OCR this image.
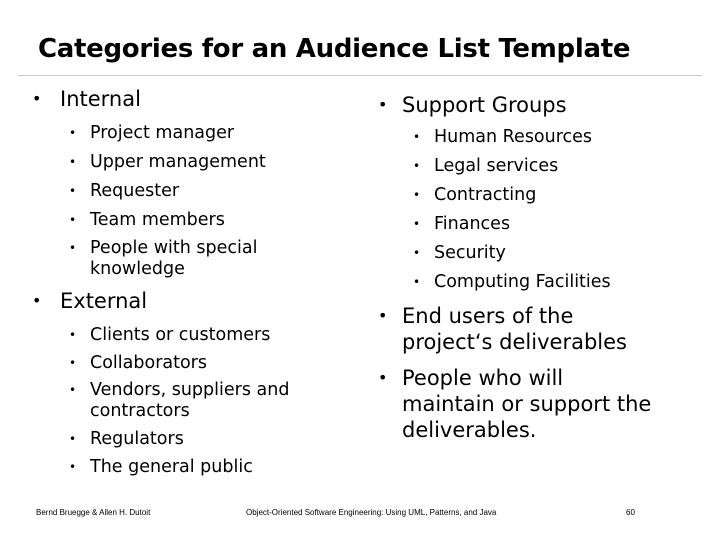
Categories for an Audience List Template
• Internal
• Project manager
• Upper management
• Requester
• Team members
• People with special knowledge
• External
• Clients or customers
• Collaborators
• Vendors, suppliers and contractors
• Regulators
• The general public
• Support Groups
• Human Resources
• Legal services
• Contracting
• Finances
• Security
• Computing Facilities
• End users of the project‘s deliverables
• People who will maintain or support the deliverables.
Bernd Bruegge & Allen H. Dutoit	Object-Oriented Software Engineering: Using UML, Patterns, and Java	60
